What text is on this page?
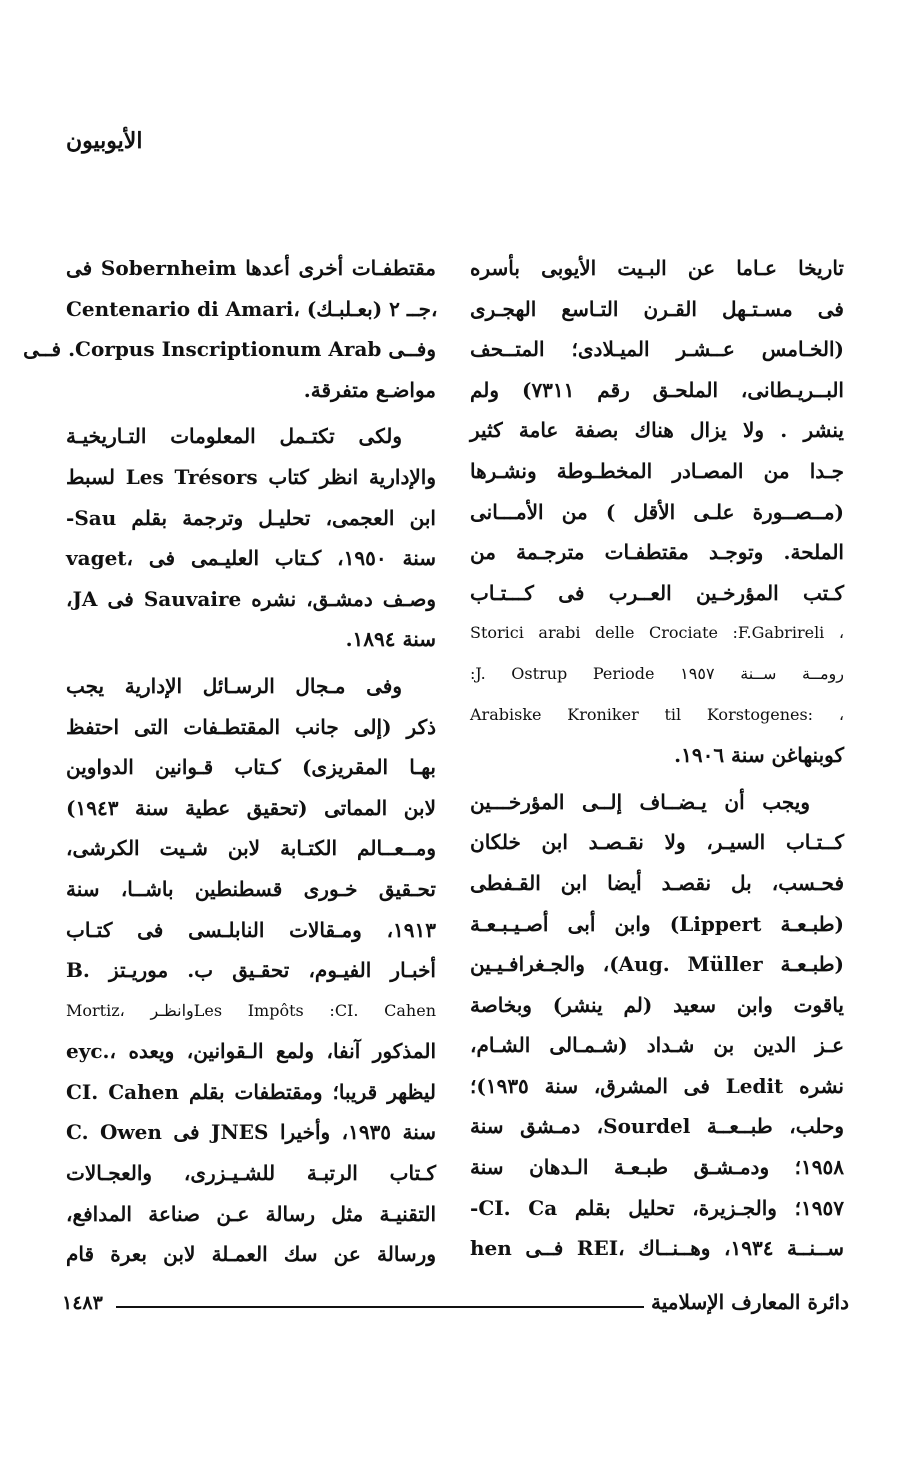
الأيوبيون
تاريخا عـاما عن البـيت الأيوبى بأسره
فى مسـتـهل القـرن التـاسع الهجـرى
(الخـامس عــشـر الميـلادى؛ المتــحف
البــريـطانى، الملحـق رقم ٧٣١١) ولم
ينشر . ولا يزال هناك بصفة عامة كثير
جـدا من المصـادر المخطـوطة ونشـرها
(مــصــورة علـى الأقل ) من الأمـــانى
الملحة. وتوجـد مقتطفـات مترجـمة من
كـتب المؤرخـين العــرب فى كـــتـاب
Storici arabi delle Crociate :F.Gabrireli ،
رومــة ســنة ١٩٥٧ J. Ostrup Periode:
Arabiske Kroniker til Korstogenes: ،
كوبنهاغن سنة ١٩٠٦.
ويجب أن يـضــاف إلــى المؤرخـــين
كــتـاب السيـر، ولا نقـصـد ابن خلكان
فحـسب، بل نقصـد أيضا ابن القـفطى
(طبـعـة Lippert) وابن أبى أصـيـبـعـة
(طبـعـة Aug. Müller)، والجـغرافـيـين
ياقوت وابن سعيد (لم ينشر) وبخاصة
عـز الدين بن شـداد (شـمـالى الشـام،
نشره Ledit فى المشرق، سنة ١٩٣٥)؛
وحلب، طبــعــة Sourdel، دمـشق سنة
١٩٥٨؛ ودمـشـق طبـعـة الـدهان سنة
١٩٥٧؛ والجـزيرة، تحليل بقلم CI. Ca-
hen فــى REI، ســنــة ١٩٣٤، وهــنــاك
مقتطفـات أخرى أعدها Sobernheim فى
Centenario di Amari، جــ ٢ (بعـلبـك)،
وفــى Corpus Inscriptionum Arab. فــى
مواضـع متفرقة.
ولكى تكتـمل المعلومات التـاريخيـة
والإدارية انظر كتاب Les Trésors لسبط
ابن العجمى، تحليـل وترجمة بقلم Sau-
vaget، سنة ١٩٥٠، كـتاب العليـمى فى
وصـف دمشـق، نشره Sauvaire فى JA،
سنة ١٨٩٤.
وفى مـجال الرسـائل الإدارية يجب
ذكر (إلى جانب المقتطـفات التى احتفظ
بهـا المقريزى) كـتاب قـوانين الدواوين
لابن المماتى (تحقيق عطية سنة ١٩٤٣)
ومــعــالم الكتـابة لابن شـيت الكرشى،
تحـقيق خـورى قسطنطين باشــا، سنة
١٩١٣، ومـقالات النابلـسى فى كتـاب
أخبـار الفيـوم، تحقـيق ب. موريـتز .B
Mortiz، وانظـرLes Impôts :CI. Cahen
eyc.، المذكور آنفا، ولمع الـقوانين، ويعده
CI. Cahen ليظهر قريبا؛ ومقتطفات بقلم
C. Owen فى JNES سنة ١٩٣٥، وأخيرا
كـتاب الرتبـة للشـيـزرى، والعجـالات
التقنيـة مثل رسالة عـن صناعة المدافع،
ورسالة عن سك العمـلة لابن بعرة قام
١٤٨٣	دائرة المعارف الإسلامية
